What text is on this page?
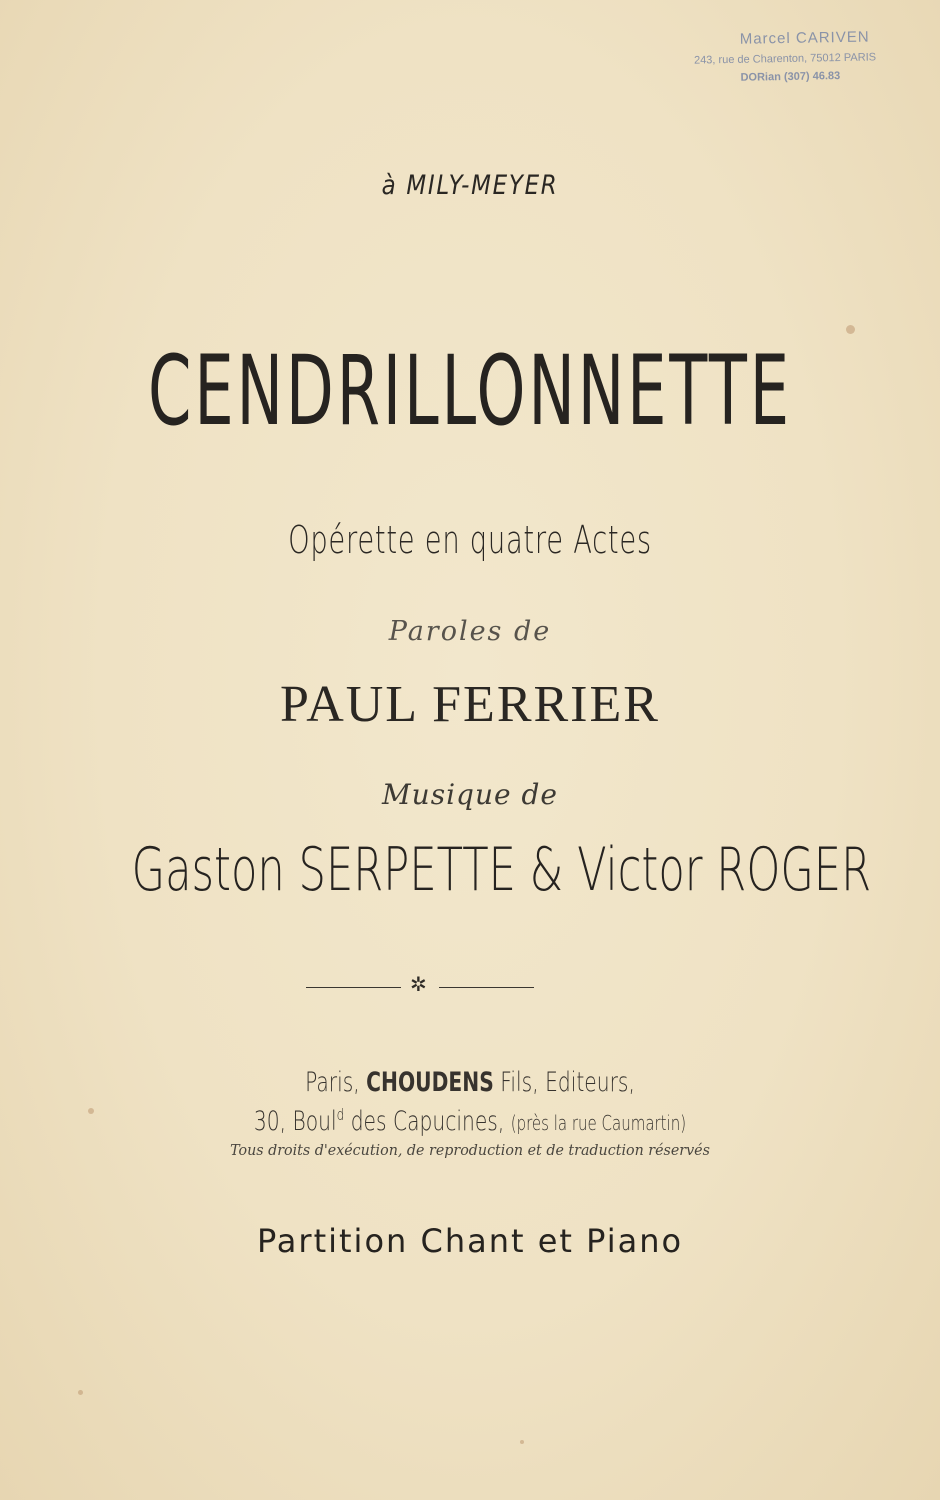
Marcel CARIVEN
243, rue de Charenton, 75012 PARIS
DORian (307) 46.83
à MILY-MEYER
CENDRILLONNETTE
Opérette en quatre Actes
Paroles de
PAUL FERRIER
Musique de
Gaston SERPETTE & Victor ROGER
✲
Paris, CHOUDENS Fils, Editeurs,
30, Boul$^d$ des Capucines, (près la rue Caumartin)
Tous droits d'exécution, de reproduction et de traduction réservés
Partition Chant et Piano
